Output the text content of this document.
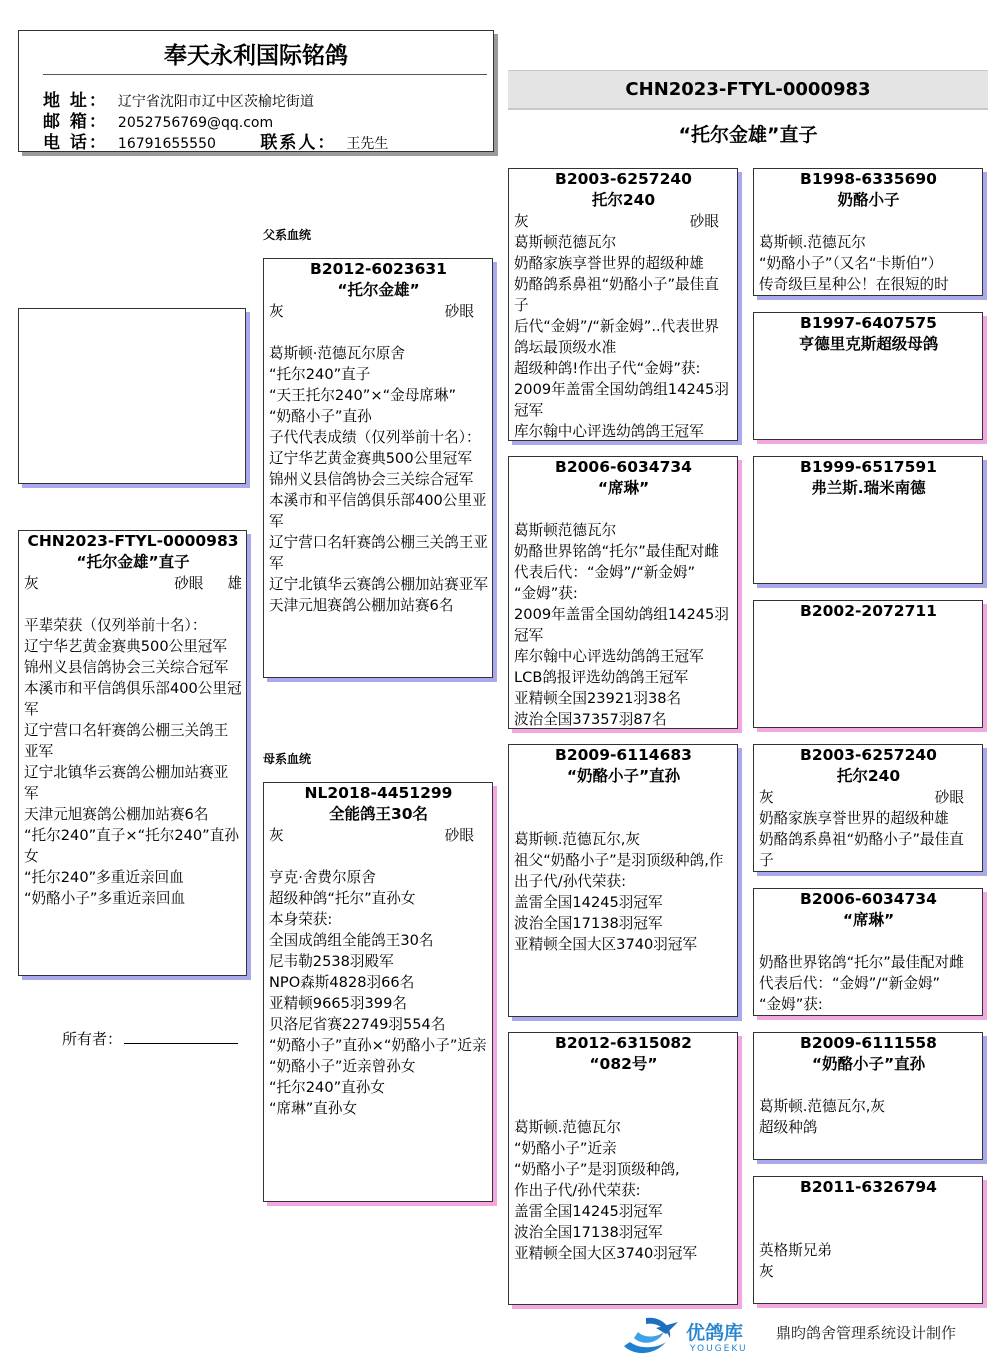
奉天永利国际铭鸽
地 址： 辽宁省沈阳市辽中区茨榆坨街道
邮 箱： 2052756769@qq.com
电 话： 16791655550	联系人： 王先生
CHN2023-FTYL-0000983
“托尔金雄”直子
父系血统
母系血统
CHN2023-FTYL-0000983
“托尔金雄”直子
灰	砂眼	雄
平辈荣获（仅列举前十名）：
辽宁华艺黄金赛典500公里冠军
锦州义县信鸽协会三关综合冠军
本溪市和平信鸽俱乐部400公里冠军
辽宁营口名轩赛鸽公棚三关鸽王亚军
辽宁北镇华云赛鸽公棚加站赛亚军
天津元旭赛鸽公棚加站赛6名
“托尔240”直子×“托尔240”直孙女
“托尔240”多重近亲回血
“奶酪小子”多重近亲回血
B2012-6023631
“托尔金雄”
灰	砂眼
葛斯顿·范德瓦尔原舍
“托尔240”直子
“天王托尔240”×“金母席琳”
“奶酪小子”直孙
子代代表成绩（仅列举前十名）：
辽宁华艺黄金赛典500公里冠军
锦州义县信鸽协会三关综合冠军
本溪市和平信鸽俱乐部400公里亚军
辽宁营口名轩赛鸽公棚三关鸽王亚军
辽宁北镇华云赛鸽公棚加站赛亚军
天津元旭赛鸽公棚加站赛6名
NL2018-4451299
全能鸽王30名
灰	砂眼
亨克·舍费尔原舍
超级种鸽“托尔”直孙女
本身荣获:
全国成鸽组全能鸽王30名
尼韦勒2538羽殿军
NPO森斯4828羽66名
亚精顿9665羽399名
贝洛尼省赛22749羽554名
“奶酪小子”直孙×“奶酪小子”近亲
“奶酪小子”近亲曾孙女
“托尔240”直孙女
“席琳”直孙女
B2003-6257240
托尔240
灰	砂眼
葛斯顿范德瓦尔
奶酪家族享誉世界的超级种雄
奶酪鸽系鼻祖“奶酪小子”最佳直子
后代“金姆”/“新金姆”..代表世界鸽坛最顶级水准
超级种鸽!作出子代“金姆”获:
2009年盖雷全国幼鸽组14245羽冠军
库尔翰中心评选幼鸽鸽王冠军
B2006-6034734
“席琳”
葛斯顿范德瓦尔
奶酪世界铭鸽“托尔”最佳配对雌
代表后代：“金姆”/“新金姆”
“金姆”获:
2009年盖雷全国幼鸽组14245羽冠军
库尔翰中心评选幼鸽鸽王冠军
LCB鸽报评选幼鸽鸽王冠军
亚精顿全国23921羽38名
波治全国37357羽87名
B2009-6114683
“奶酪小子”直孙
葛斯顿.范德瓦尔,灰
祖父“奶酪小子”是羽顶级种鸽,作出子代/孙代荣获:
盖雷全国14245羽冠军
波治全国17138羽冠军
亚精顿全国大区3740羽冠军
B2012-6315082
“082号”
葛斯顿.范德瓦尔
“奶酪小子”近亲
“奶酪小子”是羽顶级种鸽,
作出子代/孙代荣获:
盖雷全国14245羽冠军
波治全国17138羽冠军
亚精顿全国大区3740羽冠军
B1998-6335690
奶酪小子
葛斯顿.范德瓦尔
“奶酪小子”（又名“卡斯伯”）
传奇级巨星种公！在很短的时
B1997-6407575
亨德里克斯超级母鸽
B1999-6517591
弗兰斯.瑞米南德
B2002-2072711
B2003-6257240
托尔240
灰	砂眼
奶酪家族享誉世界的超级种雄
奶酪鸽系鼻祖“奶酪小子”最佳直子
B2006-6034734
“席琳”
奶酪世界铭鸽“托尔”最佳配对雌
代表后代：“金姆”/“新金姆”
“金姆”获:
B2009-6111558
“奶酪小子”直孙
葛斯顿.范德瓦尔,灰
超级种鸽
B2011-6326794
英格斯兄弟
灰
所有者：
优鸽库
YOUGEKU
鼎昀鸽舍管理系统设计制作
